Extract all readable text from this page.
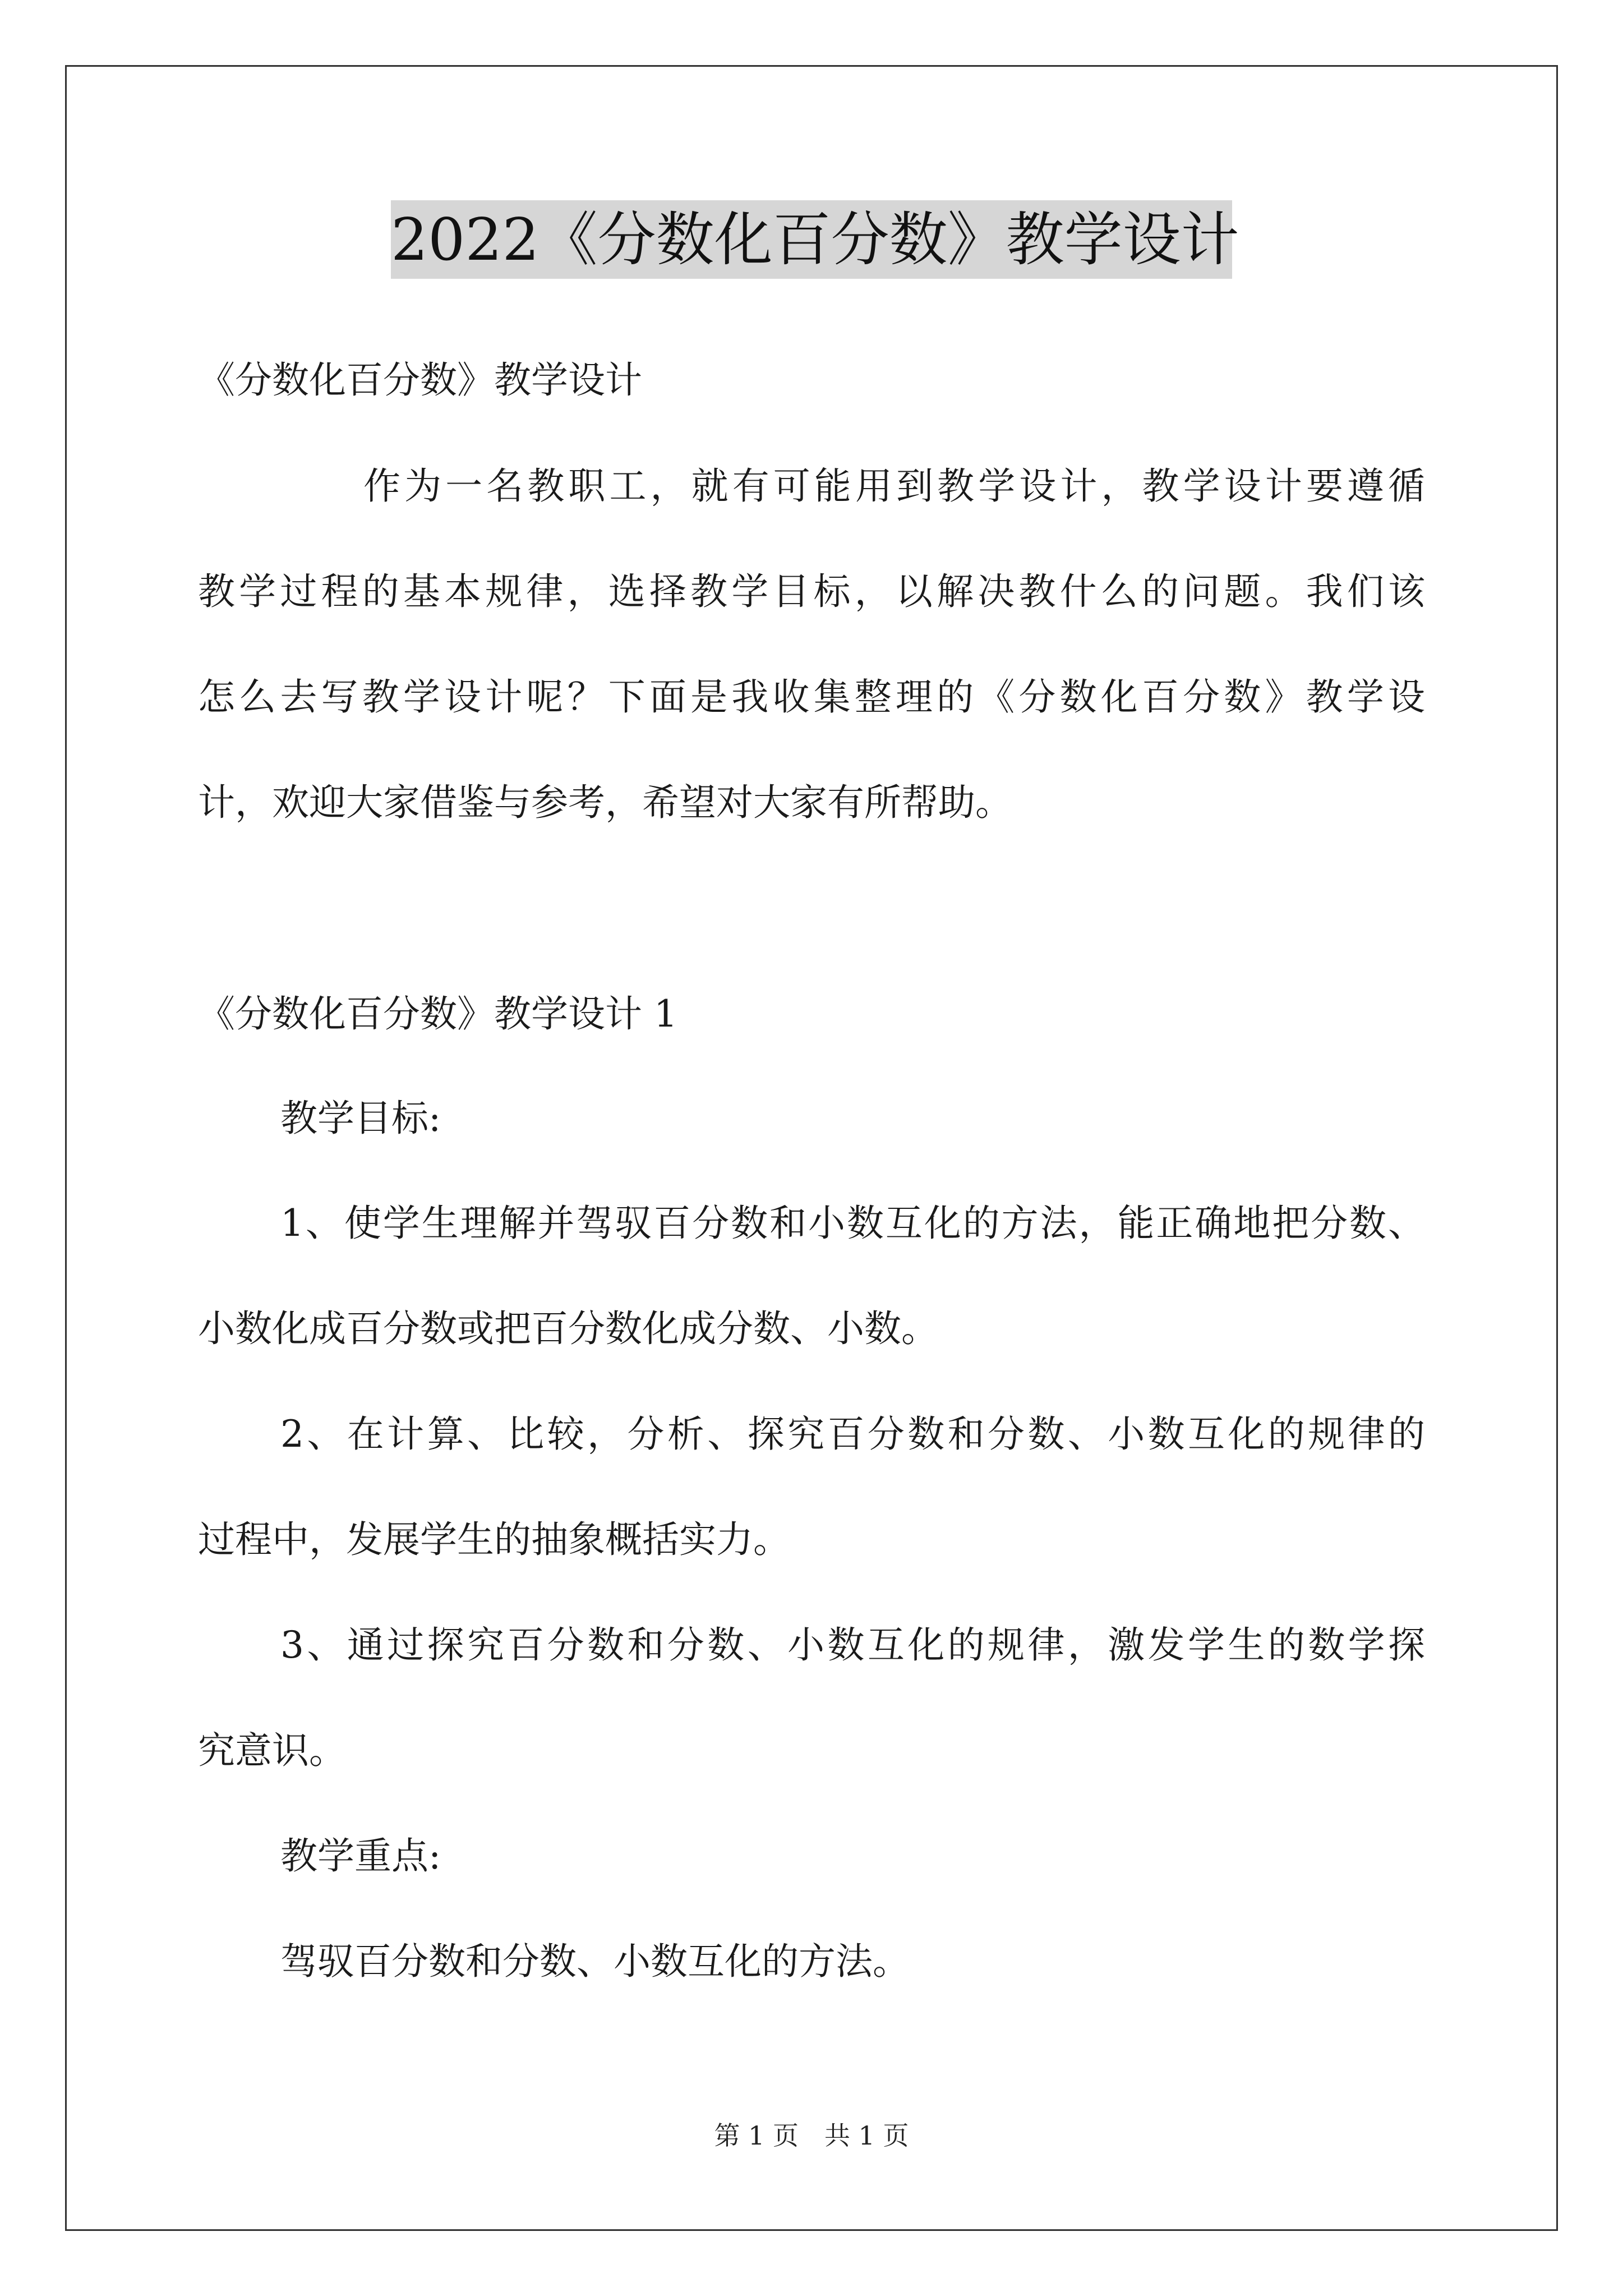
2022《分数化百分数》教学设计
《分数化百分数》教学设计
作为一名教职工，就有可能用到教学设计，教学设计要遵循
教学过程的基本规律，选择教学目标，以解决教什么的问题。我们该
怎么去写教学设计呢？下面是我收集整理的《分数化百分数》教学设
计，欢迎大家借鉴与参考，希望对大家有所帮助。
《分数化百分数》教学设计 1
教学目标:
1、使学生理解并驾驭百分数和小数互化的方法，能正确地把分数、
小数化成百分数或把百分数化成分数、小数。
2、在计算、比较，分析、探究百分数和分数、小数互化的规律的
过程中，发展学生的抽象概括实力。
3、通过探究百分数和分数、小数互化的规律，激发学生的数学探
究意识。
教学重点:
驾驭百分数和分数、小数互化的方法。
第 1 页 共 1 页
